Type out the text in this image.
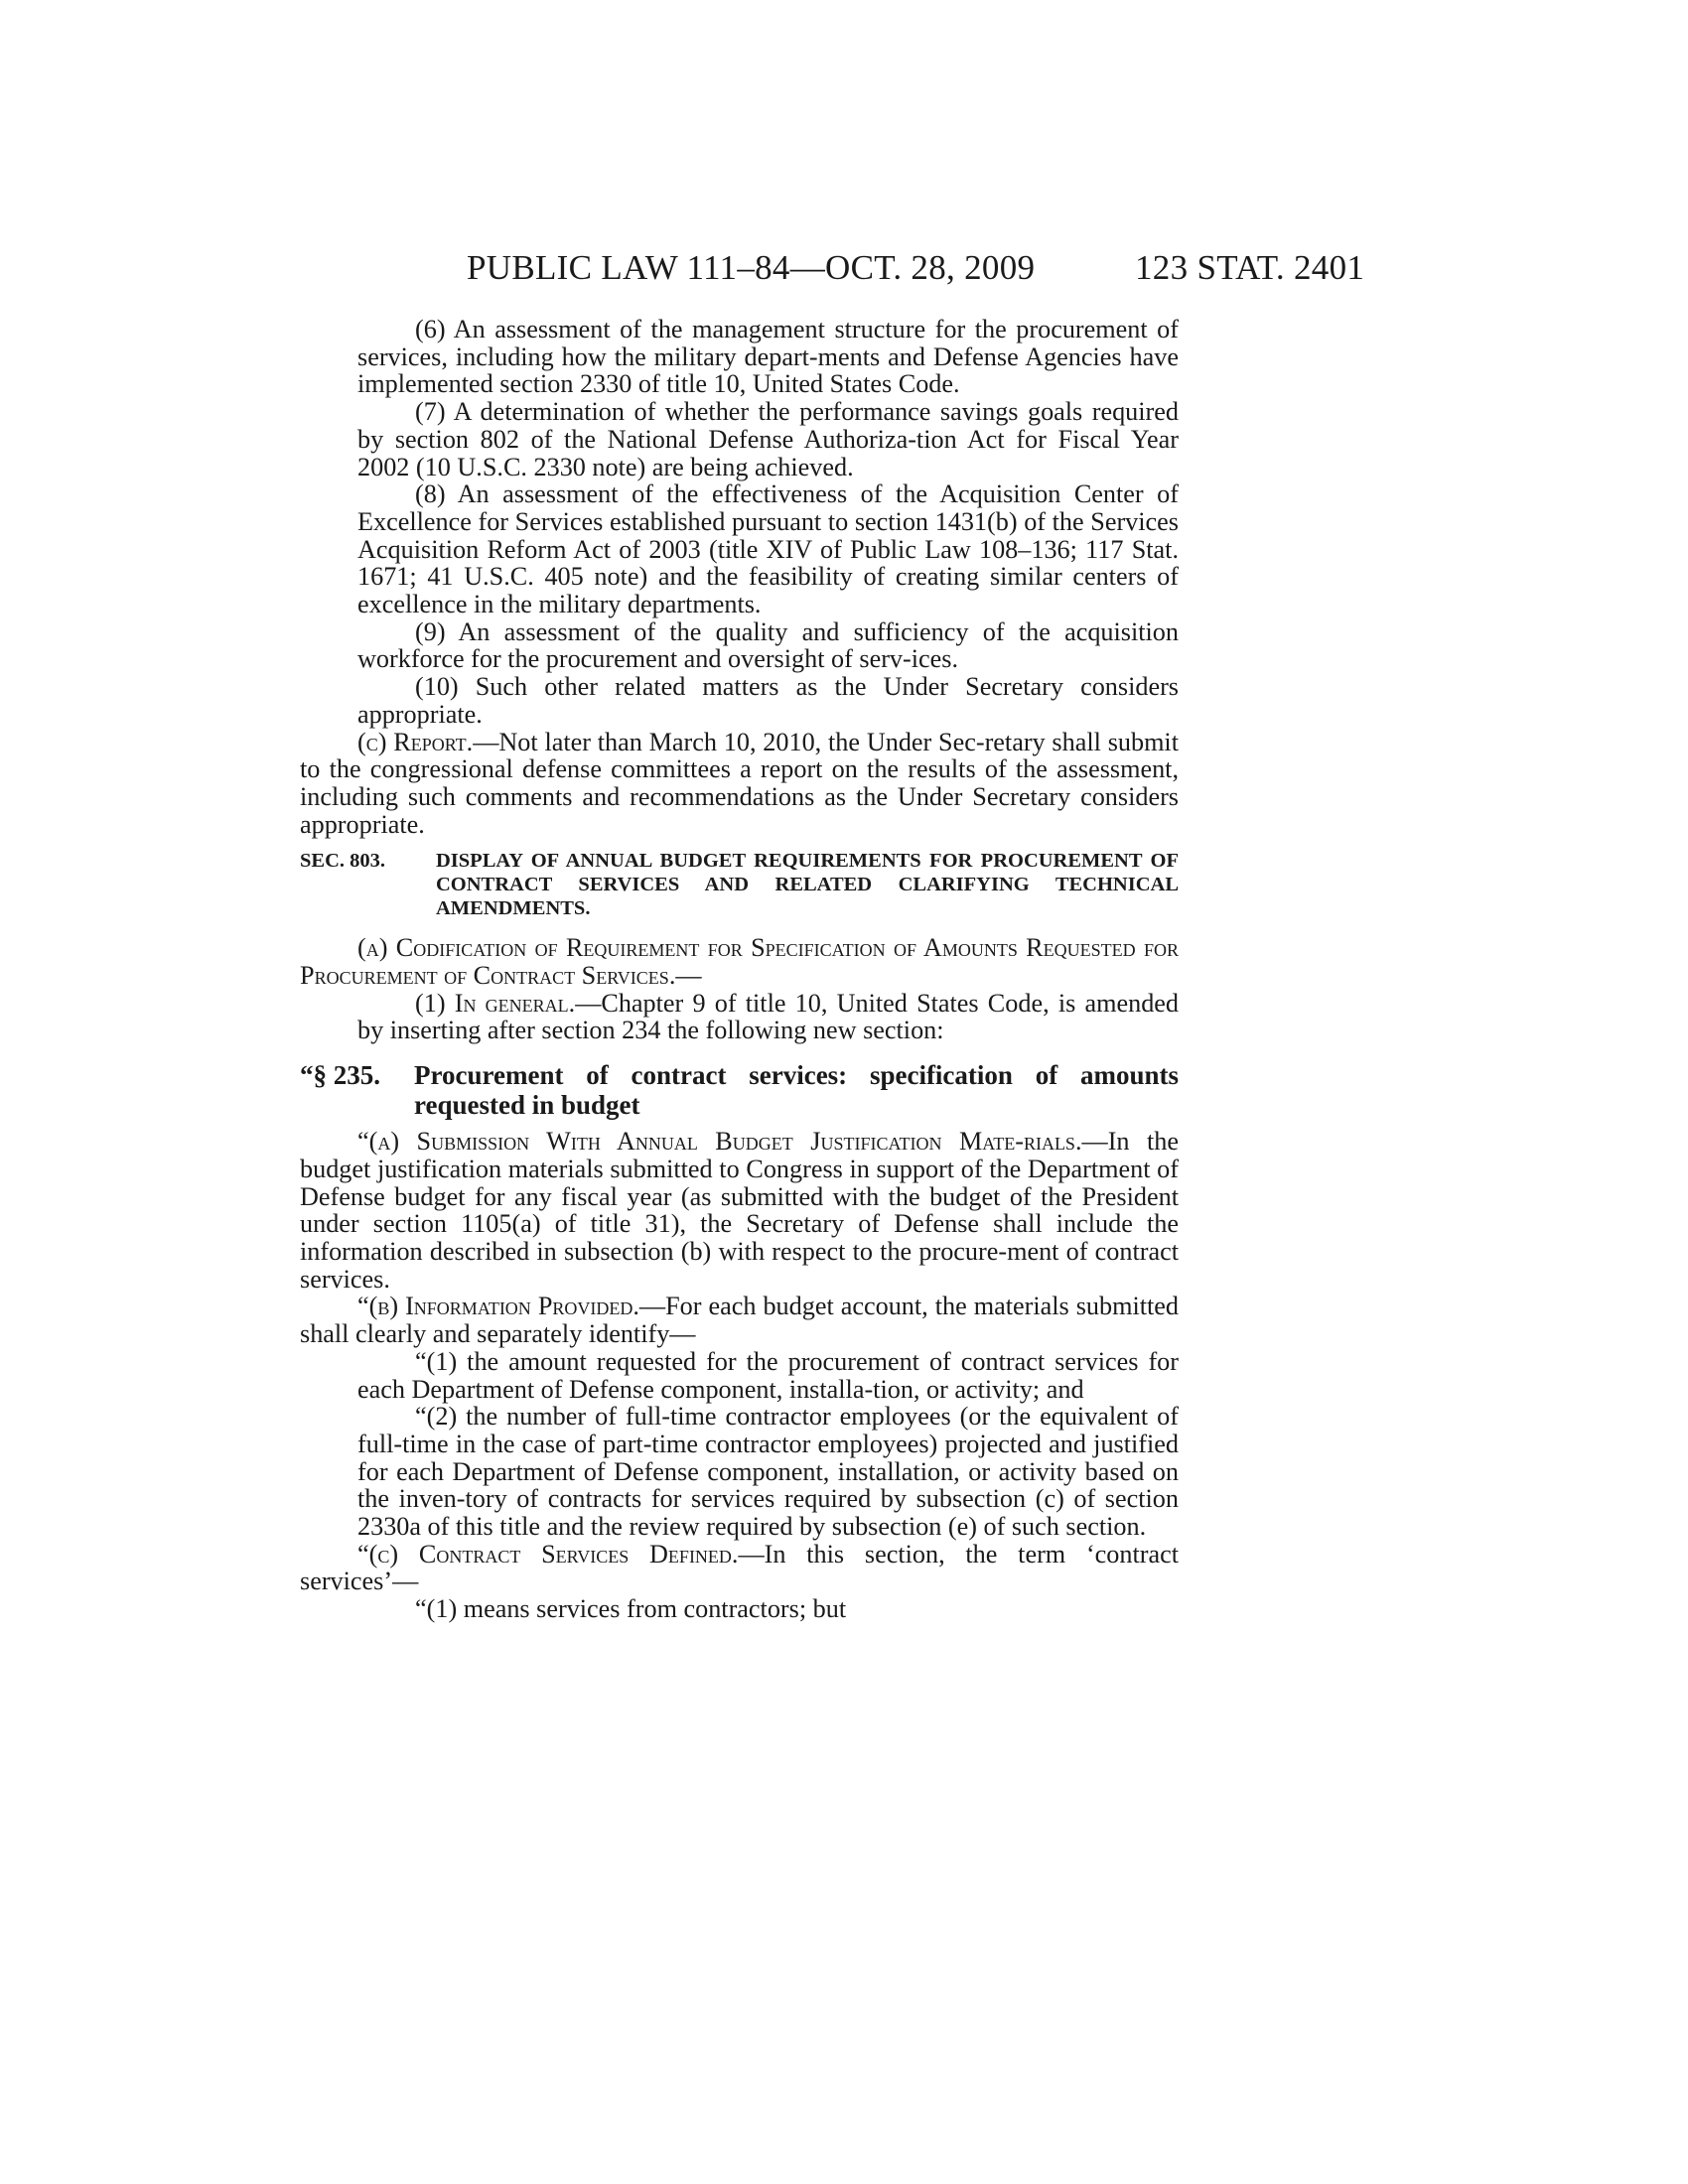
PUBLIC LAW 111–84—OCT. 28, 2009	123 STAT. 2401

(6) An assessment of the management structure for the procurement of services, including how the military depart-ments and Defense Agencies have implemented section 2330 of title 10, United States Code.

(7) A determination of whether the performance savings goals required by section 802 of the National Defense Authoriza-tion Act for Fiscal Year 2002 (10 U.S.C. 2330 note) are being achieved.

(8) An assessment of the effectiveness of the Acquisition Center of Excellence for Services established pursuant to section 1431(b) of the Services Acquisition Reform Act of 2003 (title XIV of Public Law 108–136; 117 Stat. 1671; 41 U.S.C. 405 note) and the feasibility of creating similar centers of excellence in the military departments.

(9) An assessment of the quality and sufficiency of the acquisition workforce for the procurement and oversight of serv-ices.

(10) Such other related matters as the Under Secretary considers appropriate.

(c) Report.—Not later than March 10, 2010, the Under Sec-retary shall submit to the congressional defense committees a report on the results of the assessment, including such comments and recommendations as the Under Secretary considers appropriate.

SEC. 803.	DISPLAY OF ANNUAL BUDGET REQUIREMENTS FOR PROCUREMENT OF CONTRACT SERVICES AND RELATED CLARIFYING TECHNICAL AMENDMENTS.

(a) Codification of Requirement for Specification of Amounts Requested for Procurement of Contract Services.—

(1) In general.—Chapter 9 of title 10, United States Code, is amended by inserting after section 234 the following new section:

“§ 235.	Procurement of contract services: specification of amounts requested in budget

“(a) Submission With Annual Budget Justification Mate-rials.—In the budget justification materials submitted to Congress in support of the Department of Defense budget for any fiscal year (as submitted with the budget of the President under section 1105(a) of title 31), the Secretary of Defense shall include the information described in subsection (b) with respect to the procure-ment of contract services.

“(b) Information Provided.—For each budget account, the materials submitted shall clearly and separately identify—

“(1) the amount requested for the procurement of contract services for each Department of Defense component, installa-tion, or activity; and

“(2) the number of full-time contractor employees (or the equivalent of full-time in the case of part-time contractor employees) projected and justified for each Department of Defense component, installation, or activity based on the inven-tory of contracts for services required by subsection (c) of section 2330a of this title and the review required by subsection (e) of such section.

“(c) Contract Services Defined.—In this section, the term ‘contract services’—

“(1) means services from contractors; but
